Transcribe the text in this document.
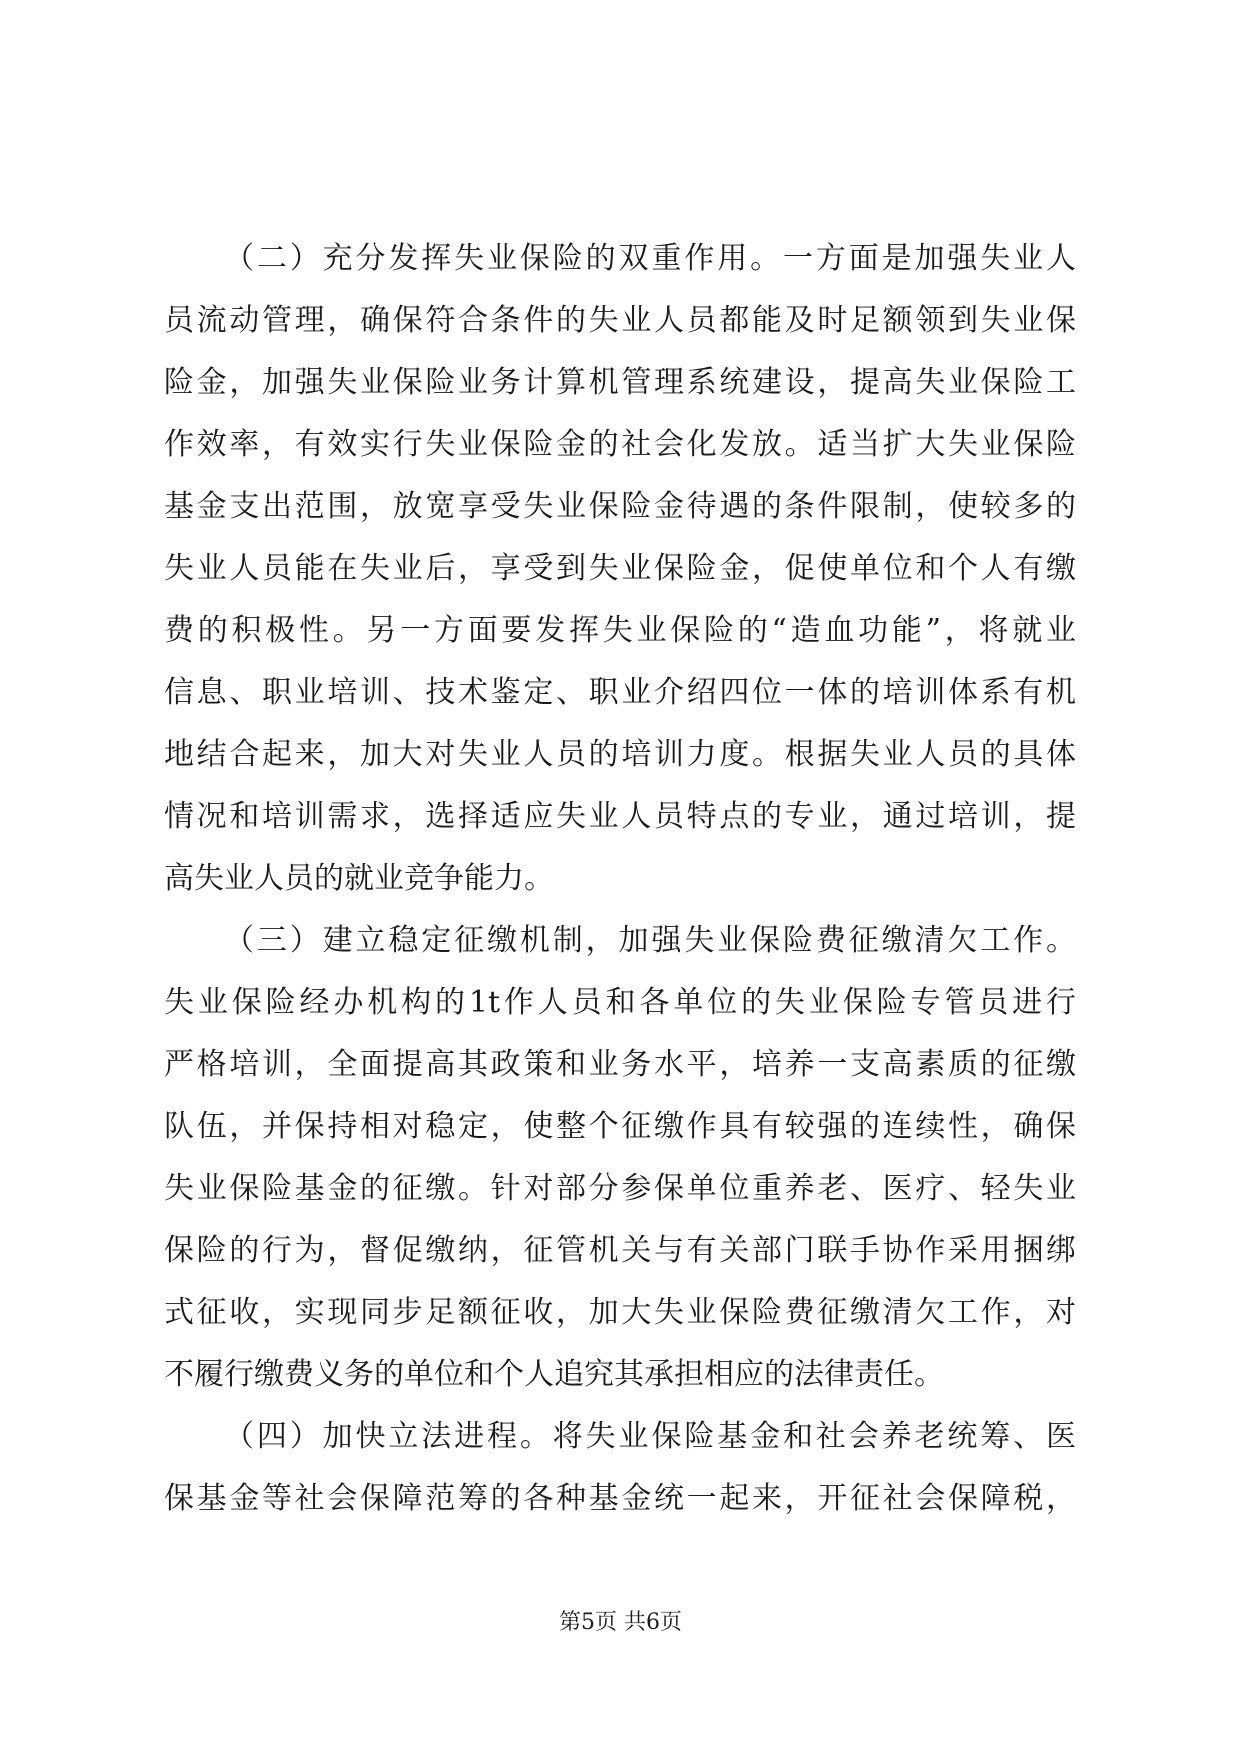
（二）充分发挥失业保险的双重作用。一方面是加强失业人
员流动管理，确保符合条件的失业人员都能及时足额领到失业保
险金，加强失业保险业务计算机管理系统建设，提高失业保险工
作效率，有效实行失业保险金的社会化发放。适当扩大失业保险
基金支出范围，放宽享受失业保险金待遇的条件限制，使较多的
失业人员能在失业后，享受到失业保险金，促使单位和个人有缴
费的积极性。另一方面要发挥失业保险的“造血功能”，将就业
信息、职业培训、技术鉴定、职业介绍四位一体的培训体系有机
地结合起来，加大对失业人员的培训力度。根据失业人员的具体
情况和培训需求，选择适应失业人员特点的专业，通过培训，提
高失业人员的就业竞争能力。
（三）建立稳定征缴机制，加强失业保险费征缴清欠工作。
失业保险经办机构的1t作人员和各单位的失业保险专管员进行
严格培训，全面提高其政策和业务水平，培养一支高素质的征缴
队伍，并保持相对稳定，使整个征缴作具有较强的连续性，确保
失业保险基金的征缴。针对部分参保单位重养老、医疗、轻失业
保险的行为，督促缴纳，征管机关与有关部门联手协作采用捆绑
式征收，实现同步足额征收，加大失业保险费征缴清欠工作，对
不履行缴费义务的单位和个人追究其承担相应的法律责任。
（四）加快立法进程。将失业保险基金和社会养老统筹、医
保基金等社会保障范筹的各种基金统一起来，开征社会保障税，
第5页 共6页
